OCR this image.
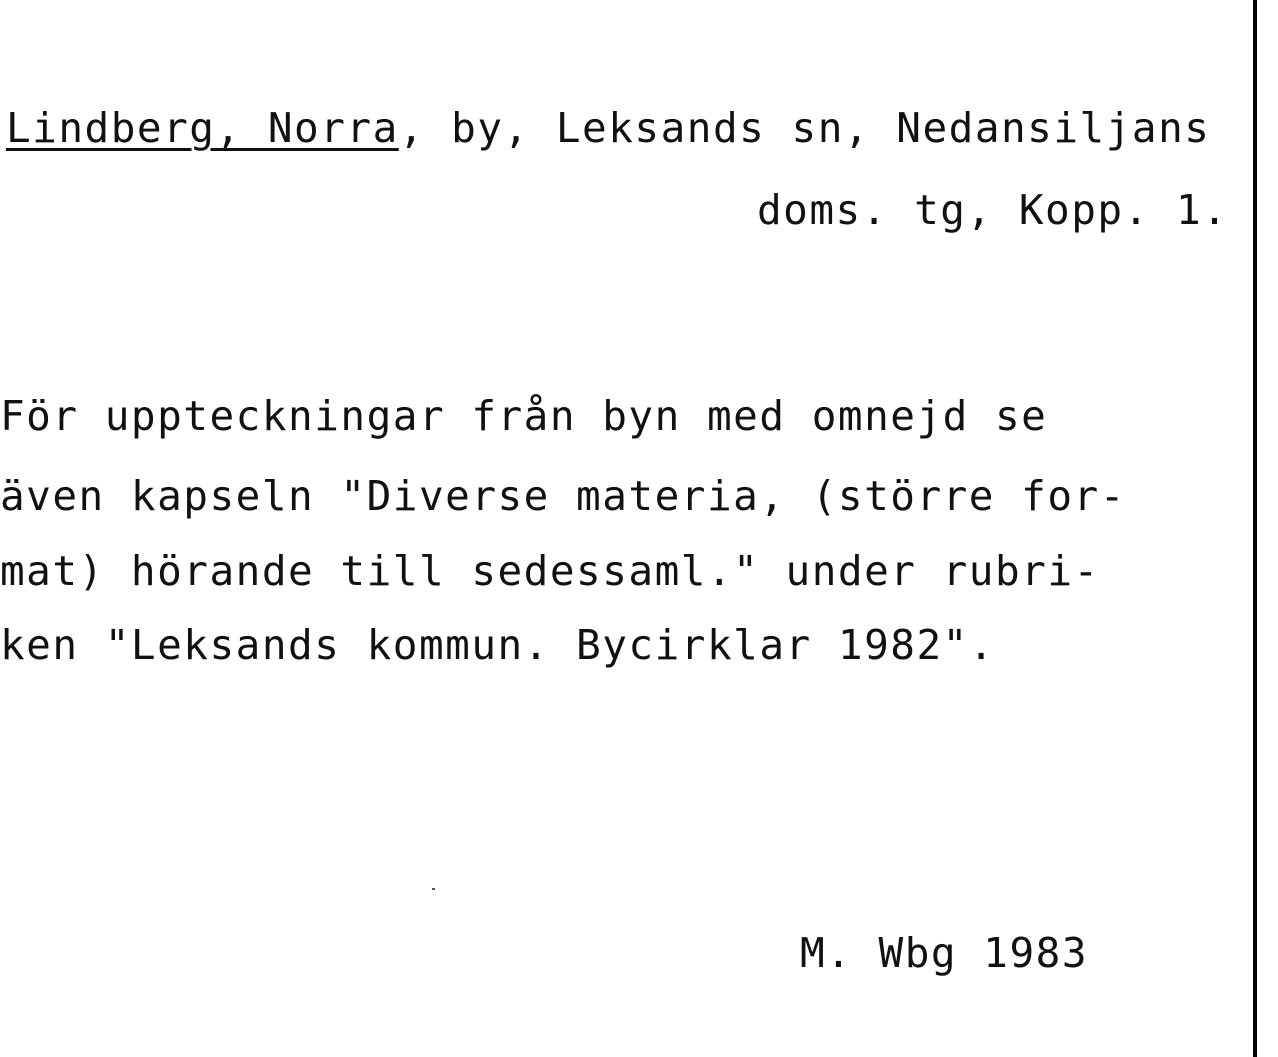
Lindberg, Norra, by, Leksands sn, Nedansiljans
doms. tg, Kopp. 1.
För uppteckningar från byn med omnejd se
även kapseln "Diverse materia, (större for-
mat) hörande till sedessaml." under rubri-
ken "Leksands kommun. Bycirklar 1982".
M. Wbg 1983
